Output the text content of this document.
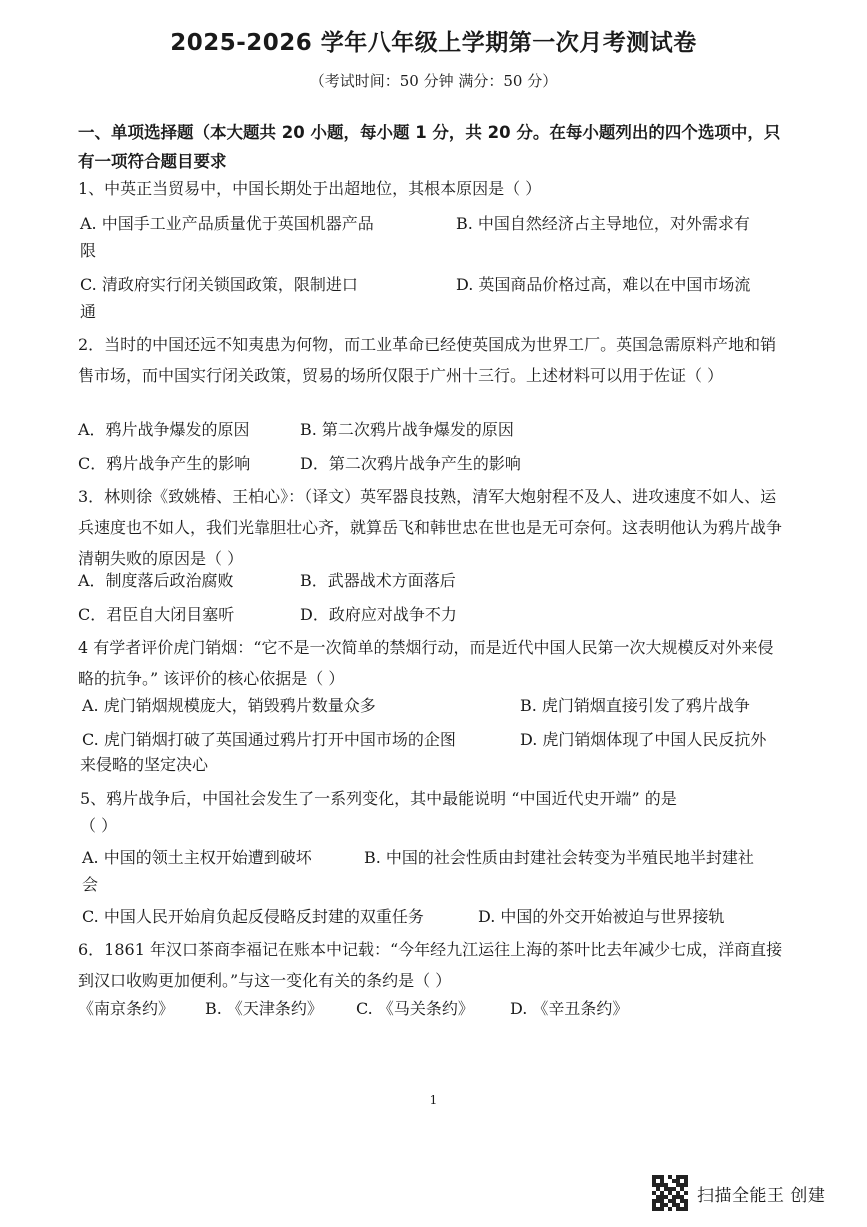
2025-2026 学年八年级上学期第一次月考测试卷
（考试时间：50 分钟 满分：50 分）
一、单项选择题（本大题共 20 小题，每小题 1 分，共 20 分。在每小题列出的四个选项中，只有一项符合题目要求
1、中英正当贸易中，中国长期处于出超地位，其根本原因是（ ）
A. 中国手工业产品质量优于英国机器产品	B. 中国自然经济占主导地位，对外需求有
限
C. 清政府实行闭关锁国政策，限制进口	D. 英国商品价格过高，难以在中国市场流
通
2．当时的中国还远不知夷患为何物，而工业革命已经使英国成为世界工厂。英国急需原料产地和销售市场，而中国实行闭关政策，贸易的场所仅限于广州十三行。上述材料可以用于佐证（ ）
A．鸦片战争爆发的原因	B. 第二次鸦片战争爆发的原因
C．鸦片战争产生的影响	D．第二次鸦片战争产生的影响
3．林则徐《致姚椿、王柏心》：（译文）英军器良技熟，清军大炮射程不及人、进攻速度不如人、运兵速度也不如人，我们光靠胆壮心齐，就算岳飞和韩世忠在世也是无可奈何。这表明他认为鸦片战争清朝失败的原因是（ ）
A．制度落后政治腐败	B．武器战术方面落后
C．君臣自大闭目塞听	D．政府应对战争不力
4 有学者评价虎门销烟：“它不是一次简单的禁烟行动，而是近代中国人民第一次大规模反对外来侵略的抗争。” 该评价的核心依据是（ ）
A. 虎门销烟规模庞大，销毁鸦片数量众多	B. 虎门销烟直接引发了鸦片战争
C. 虎门销烟打破了英国通过鸦片打开中国市场的企图	D. 虎门销烟体现了中国人民反抗外
来侵略的坚定决心
5、鸦片战争后，中国社会发生了一系列变化，其中最能说明 “中国近代史开端” 的是
（ ）
A. 中国的领土主权开始遭到破坏	B. 中国的社会性质由封建社会转变为半殖民地半封建社
会
C. 中国人民开始肩负起反侵略反封建的双重任务	D. 中国的外交开始被迫与世界接轨
6．1861 年汉口茶商李福记在账本中记载：“今年经九江运往上海的茶叶比去年减少七成，洋商直接到汉口收购更加便利。”与这一变化有关的条约是（ ）
《南京条约》 B. 《天津条约》 C. 《马关条约》 D. 《辛丑条约》
1
扫描全能王 创建
